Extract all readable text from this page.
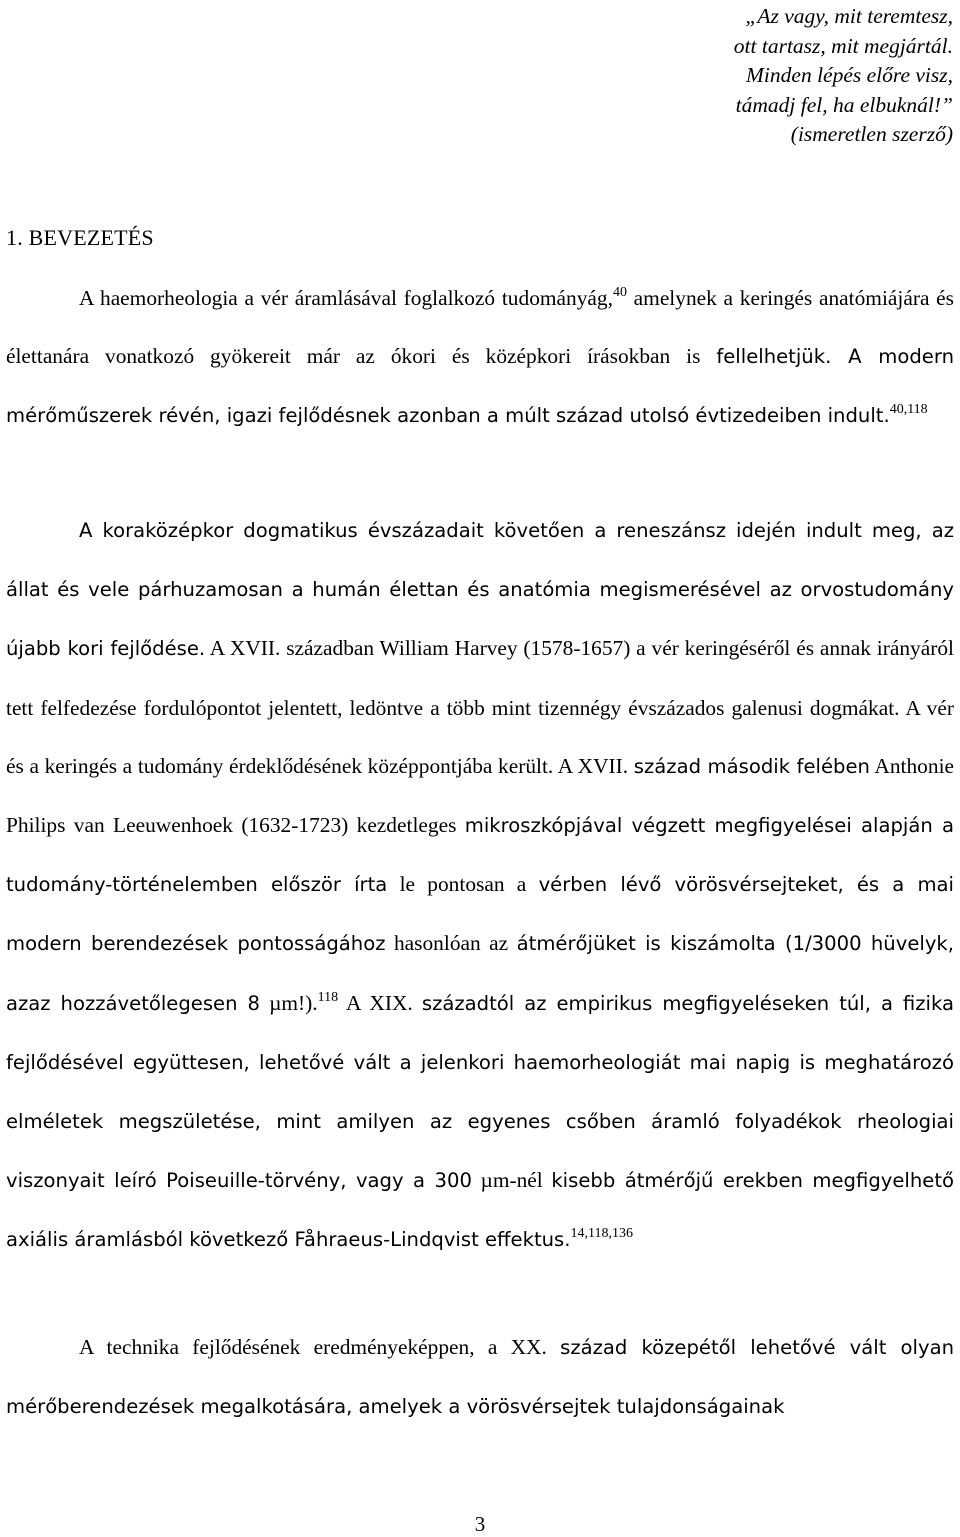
„Az vagy, mit teremtesz,
ott tartasz, mit megjártál.
Minden lépés előre visz,
támadj fel, ha elbuknál!”
(ismeretlen szerző)
1. BEVEZETÉS

A haemorheologia a vér áramlásával foglalkozó tudományág,$^{40}$ amelynek a keringés anatómiájára és élettanára vonatkozó gyökereit már az ókori és középkori írásokban is fellelhetjük. A modern mérőműszerek révén, igazi fejlődésnek azonban a múlt század utolsó évtizedeiben indult.$^{40,118}$

A koraközépkor dogmatikus évszázadait követően a reneszánsz idején indult meg, az állat és vele párhuzamosan a humán élettan és anatómia megismerésével az orvostudomány újabb kori fejlődése. A XVII. században William Harvey (1578-1657) a vér keringéséről és annak irányáról tett felfedezése fordulópontot jelentett, ledöntve a több mint tizennégy évszázados galenusi dogmákat. A vér és a keringés a tudomány érdeklődésének középpontjába került. A XVII. század második felében Anthonie Philips van Leeuwenhoek (1632-1723) kezdetleges mikroszkópjával végzett megfigyelései alapján a tudomány-történelemben először írta le pontosan a vérben lévő vörösvérsejteket, és a mai modern berendezések pontosságához hasonlóan az átmérőjüket is kiszámolta (1/3000 hüvelyk, azaz hozzávetőlegesen 8 µm!).$^{118}$ A XIX. századtól az empirikus megfigyeléseken túl, a fizika fejlődésével együttesen, lehetővé vált a jelenkori haemorheologiát mai napig is meghatározó elméletek megszületése, mint amilyen az egyenes csőben áramló folyadékok rheologiai viszonyait leíró Poiseuille-törvény, vagy a 300 µm-nél kisebb átmérőjű erekben megfigyelhető axiális áramlásból következő Fåhraeus-Lindqvist effektus.$^{14,118,136}$

A technika fejlődésének eredményeképpen, a XX. század közepétől lehetővé vált olyan mérőberendezések megalkotására, amelyek a vörösvérsejtek tulajdonságainak

3
